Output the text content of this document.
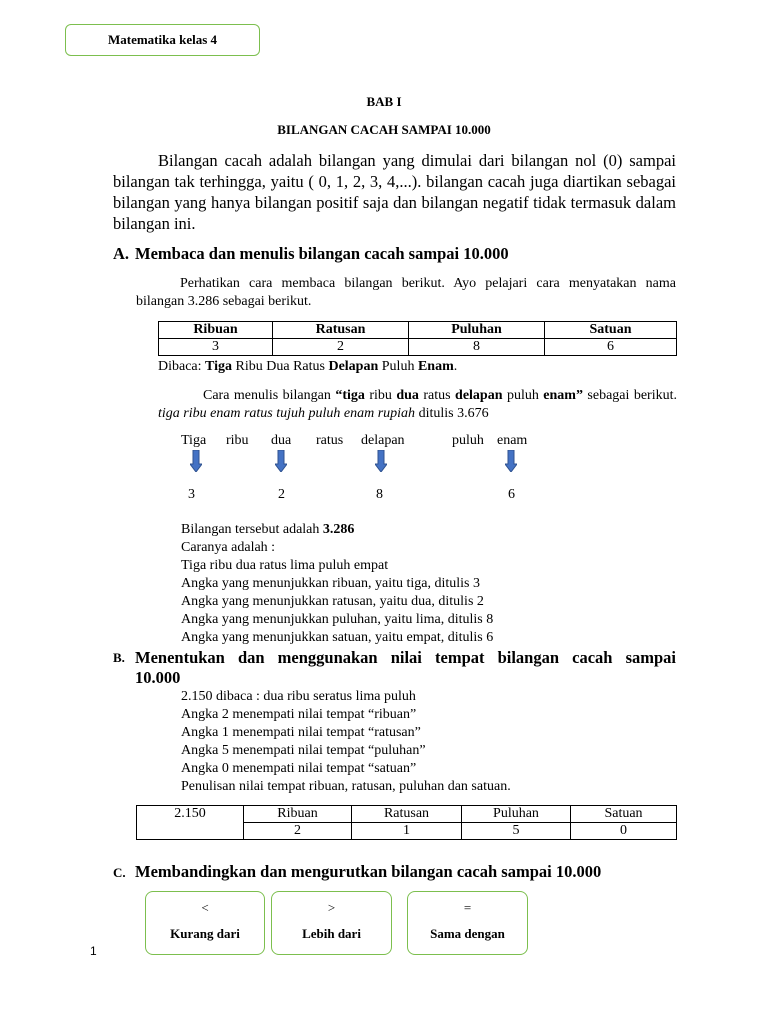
Matematika kelas 4
BAB I
BILANGAN CACAH SAMPAI 10.000
Bilangan cacah adalah bilangan yang dimulai dari bilangan nol (0) sampai bilangan tak terhingga, yaitu ( 0, 1, 2, 3, 4,...). bilangan cacah juga diartikan sebagai bilangan yang hanya bilangan positif saja dan bilangan negatif tidak termasuk dalam bilangan ini.
A. Membaca dan menulis bilangan cacah sampai 10.000
Perhatikan cara membaca bilangan berikut. Ayo pelajari cara menyatakan nama bilangan 3.286 sebagai berikut.
Ribuan	Ratusan	Puluhan	Satuan
3	2	8	6
Dibaca: Tiga Ribu Dua Ratus Delapan Puluh Enam.
Cara menulis bilangan “tiga ribu dua ratus delapan puluh enam” sebagai berikut. tiga ribu enam ratus tujuh puluh enam rupiah ditulis 3.676
Tiga ribu dua ratus delapan	puluh enam
3	2	8	6
Bilangan tersebut adalah 3.286
Caranya adalah :
Tiga ribu dua ratus lima puluh empat
Angka yang menunjukkan ribuan, yaitu tiga, ditulis 3
Angka yang menunjukkan ratusan, yaitu dua, ditulis 2
Angka yang menunjukkan puluhan, yaitu lima, ditulis 8
Angka yang menunjukkan satuan, yaitu empat, ditulis 6
B. Menentukan dan menggunakan nilai tempat bilangan cacah sampai
10.000
2.150 dibaca : dua ribu seratus lima puluh
Angka 2 menempati nilai tempat “ribuan”
Angka 1 menempati nilai tempat “ratusan”
Angka 5 menempati nilai tempat “puluhan”
Angka 0 menempati nilai tempat “satuan”
Penulisan nilai tempat ribuan, ratusan, puluhan dan satuan.
2.150	Ribuan	Ratusan	Puluhan	Satuan
	2	1	5	0
C. Membandingkan dan mengurutkan bilangan cacah sampai 10.000
<
Kurang dari
>
Lebih dari
=
Sama dengan
1
